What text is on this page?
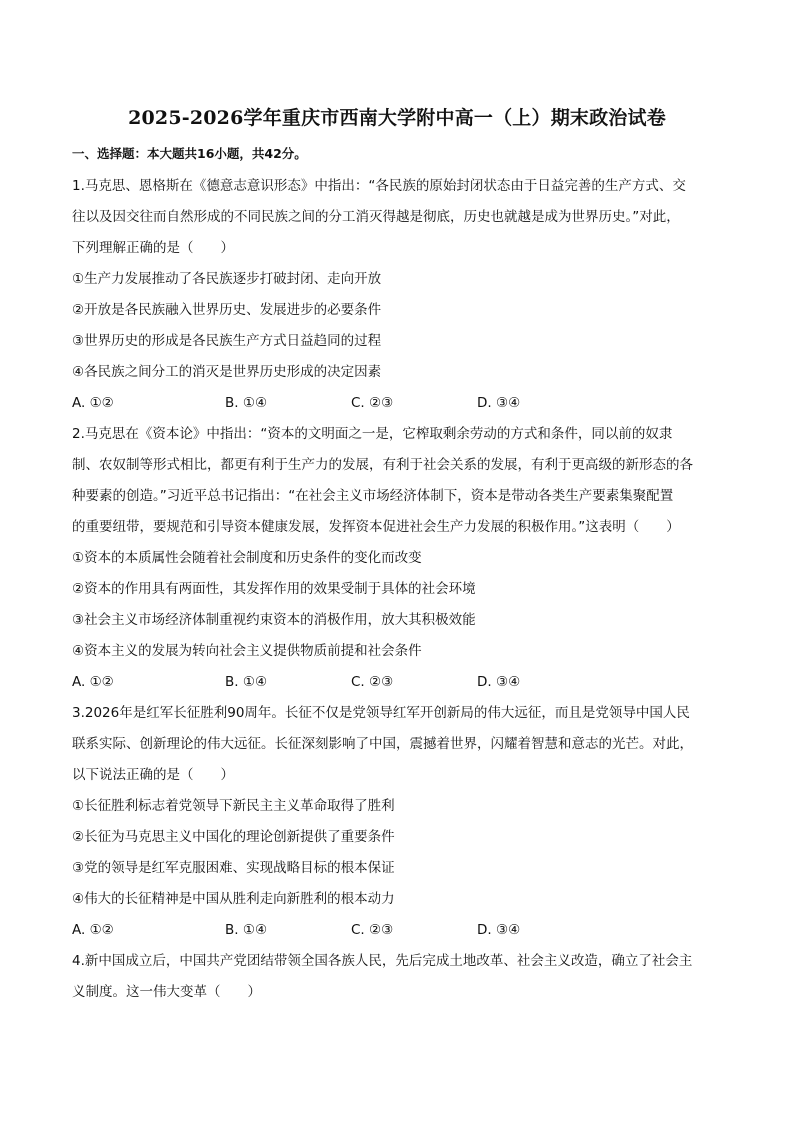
2025-2026学年重庆市西南大学附中高一（上）期末政治试卷
一、选择题：本大题共16小题，共42分。
1.马克思、恩格斯在《德意志意识形态》中指出：“各民族的原始封闭状态由于日益完善的生产方式、交
往以及因交往而自然形成的不同民族之间的分工消灭得越是彻底，历史也就越是成为世界历史。”对此，
下列理解正确的是（　　）
①生产力发展推动了各民族逐步打破封闭、走向开放
②开放是各民族融入世界历史、发展进步的必要条件
③世界历史的形成是各民族生产方式日益趋同的过程
④各民族之间分工的消灭是世界历史形成的决定因素
A. ①②	B. ①④	C. ②③	D. ③④
2.马克思在《资本论》中指出：“资本的文明面之一是，它榨取剩余劳动的方式和条件，同以前的奴隶
制、农奴制等形式相比，都更有利于生产力的发展，有利于社会关系的发展，有利于更高级的新形态的各
种要素的创造。”习近平总书记指出：“在社会主义市场经济体制下，资本是带动各类生产要素集聚配置
的重要纽带，要规范和引导资本健康发展，发挥资本促进社会生产力发展的积极作用。”这表明（　　）
①资本的本质属性会随着社会制度和历史条件的变化而改变
②资本的作用具有两面性，其发挥作用的效果受制于具体的社会环境
③社会主义市场经济体制重视约束资本的消极作用，放大其积极效能
④资本主义的发展为转向社会主义提供物质前提和社会条件
A. ①②	B. ①④	C. ②③	D. ③④
3.2026年是红军长征胜利90周年。长征不仅是党领导红军开创新局的伟大远征，而且是党领导中国人民
联系实际、创新理论的伟大远征。长征深刻影响了中国，震撼着世界，闪耀着智慧和意志的光芒。对此，
以下说法正确的是（　　）
①长征胜利标志着党领导下新民主主义革命取得了胜利
②长征为马克思主义中国化的理论创新提供了重要条件
③党的领导是红军克服困难、实现战略目标的根本保证
④伟大的长征精神是中国从胜利走向新胜利的根本动力
A. ①②	B. ①④	C. ②③	D. ③④
4.新中国成立后，中国共产党团结带领全国各族人民，先后完成土地改革、社会主义改造，确立了社会主
义制度。这一伟大变革（　　）
